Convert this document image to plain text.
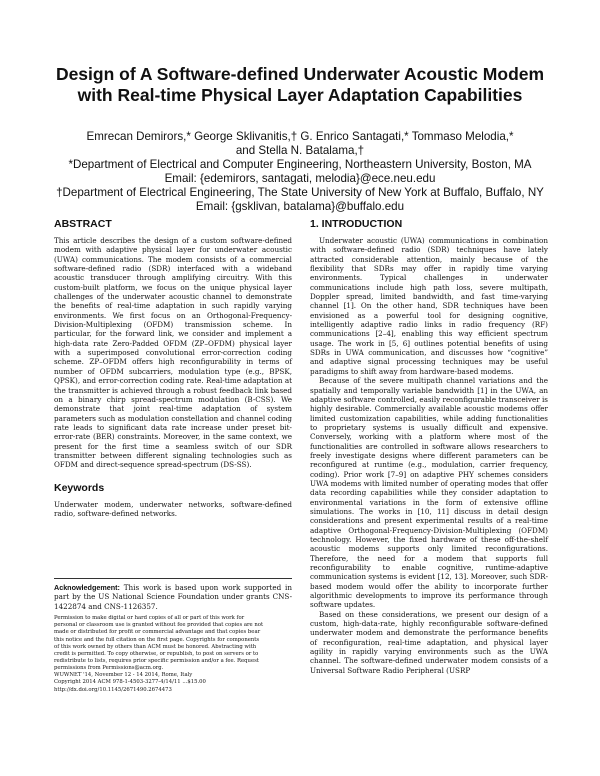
Design of A Software-defined Underwater Acoustic Modem
with Real-time Physical Layer Adaptation Capabilities
Emrecan Demirors,* George Sklivanitis,† G. Enrico Santagati,* Tommaso Melodia,*
and Stella N. Batalama,†
*Department of Electrical and Computer Engineering, Northeastern University, Boston, MA
Email: {edemirors, santagati, melodia}@ece.neu.edu
†Department of Electrical Engineering, The State University of New York at Buffalo, Buffalo, NY
Email: {gsklivan, batalama}@buffalo.edu
ABSTRACT

This article describes the design of a custom software-defined modem with adaptive physical layer for underwater acoustic (UWA) communications. The modem consists of a commercial software-defined radio (SDR) interfaced with a wideband acoustic transducer through amplifying circuitry. With this custom-built platform, we focus on the unique physical layer challenges of the underwater acoustic channel to demonstrate the benefits of real-time adaptation in such rapidly varying environments. We first focus on an Orthogonal-Frequency-Division-Multiplexing (OFDM) transmission scheme. In particular, for the forward link, we consider and implement a high-data rate Zero-Padded OFDM (ZP–OFDM) physical layer with a superimposed convolutional error-correction coding scheme. ZP–OFDM offers high reconfigurability in terms of number of OFDM subcarriers, modulation type (e.g., BPSK, QPSK), and error-correction coding rate. Real-time adaptation at the transmitter is achieved through a robust feedback link based on a binary chirp spread-spectrum modulation (B-CSS). We demonstrate that joint real-time adaptation of system parameters such as modulation constellation and channel coding rate leads to significant data rate increase under preset bit-error-rate (BER) constraints. Moreover, in the same context, we present for the first time a seamless switch of our SDR transmitter between different signaling technologies such as OFDM and direct-sequence spread-spectrum (DS-SS).

Keywords

Underwater modem, underwater networks, software-defined radio, software-defined networks.

Acknowledgement: This work is based upon work supported in part by the US National Science Foundation under grants CNS-1422874 and CNS-1126357.

Permission to make digital or hard copies of all or part of this work for
personal or classroom use is granted without fee provided that copies are not
made or distributed for profit or commercial advantage and that copies bear
this notice and the full citation on the first page. Copyrights for components
of this work owned by others than ACM must be honored. Abstracting with
credit is permitted. To copy otherwise, or republish, to post on servers or to
redistribute to lists, requires prior specific permission and/or a fee. Request
permissions from Permissions@acm.org.
WUWNET '14, November 12 - 14 2014, Rome, Italy
Copyright 2014 ACM 978-1-4503-3277-4/14/11 ...$15.00
http://dx.doi.org/10.1145/2671490.2674473
1. INTRODUCTION

Underwater acoustic (UWA) communications in combination with software-defined radio (SDR) techniques have lately attracted considerable attention, mainly because of the flexibility that SDRs may offer in rapidly time varying environments. Typical challenges in underwater communications include high path loss, severe multipath, Doppler spread, limited bandwidth, and fast time-varying channel [1]. On the other hand, SDR techniques have been envisioned as a powerful tool for designing cognitive, intelligently adaptive radio links in radio frequency (RF) communications [2–4], enabling this way efficient spectrum usage. The work in [5, 6] outlines potential benefits of using SDRs in UWA communication, and discusses how “cognitive” and adaptive signal processing techniques may be useful paradigms to shift away from hardware-based modems.

Because of the severe multipath channel variations and the spatially and temporally variable bandwidth [1] in the UWA, an adaptive software controlled, easily reconfigurable transceiver is highly desirable. Commercially available acoustic modems offer limited customization capabilities, while adding functionalities to proprietary systems is usually difficult and expensive. Conversely, working with a platform where most of the functionalities are controlled in software allows researchers to freely investigate designs where different parameters can be reconfigured at runtime (e.g., modulation, carrier frequency, coding). Prior work [7–9] on adaptive PHY schemes considers UWA modems with limited number of operating modes that offer data recording capabilities while they consider adaptation to environmental variations in the form of extensive offline simulations. The works in [10, 11] discuss in detail design considerations and present experimental results of a real-time adaptive Orthogonal-Frequency-Division-Multiplexing (OFDM) technology. However, the fixed hardware of these off-the-shelf acoustic modems supports only limited reconfigurations. Therefore, the need for a modem that supports full reconfigurability to enable cognitive, runtime-adaptive communication systems is evident [12, 13]. Moreover, such SDR-based modem would offer the ability to incorporate further algorithmic developments to improve its performance through software updates.

Based on these considerations, we present our design of a custom, high-data-rate, highly reconfigurable software-defined underwater modem and demonstrate the performance benefits of reconfiguration, real-time adaptation, and physical layer agility in rapidly varying environments such as the UWA channel. The software-defined underwater modem consists of a Universal Software Radio Peripheral (USRP
